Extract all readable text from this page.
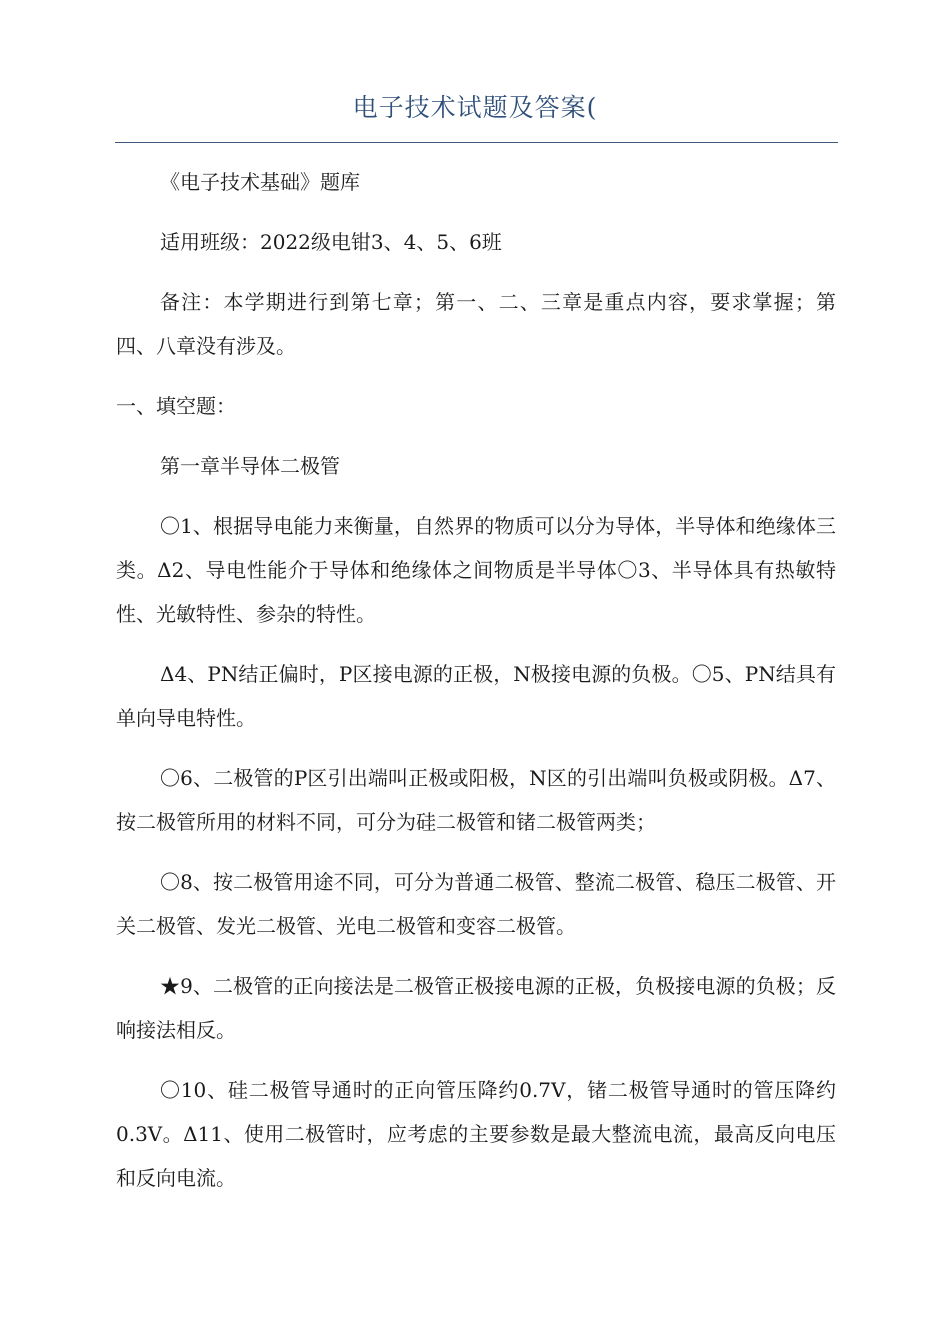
电子技术试题及答案(

《电子技术基础》题库

适用班级：2022级电钳3、4、5、6班

备注：本学期进行到第七章；第一、二、三章是重点内容，要求掌握；第四、八章没有涉及。

一、填空题：

第一章半导体二极管

〇1、根据导电能力来衡量，自然界的物质可以分为导体，半导体和绝缘体三类。Δ2、导电性能介于导体和绝缘体之间物质是半导体〇3、半导体具有热敏特性、光敏特性、参杂的特性。

Δ4、PN结正偏时，P区接电源的正极，N极接电源的负极。〇5、PN结具有单向导电特性。

〇6、二极管的P区引出端叫正极或阳极，N区的引出端叫负极或阴极。Δ7、按二极管所用的材料不同，可分为硅二极管和锗二极管两类；

〇8、按二极管用途不同，可分为普通二极管、整流二极管、稳压二极管、开关二极管、发光二极管、光电二极管和变容二极管。

★9、二极管的正向接法是二极管正极接电源的正极，负极接电源的负极；反响接法相反。

〇10、硅二极管导通时的正向管压降约0.7V，锗二极管导通时的管压降约 0.3V。Δ11、使用二极管时，应考虑的主要参数是最大整流电流，最高反向电压和反向电流。
